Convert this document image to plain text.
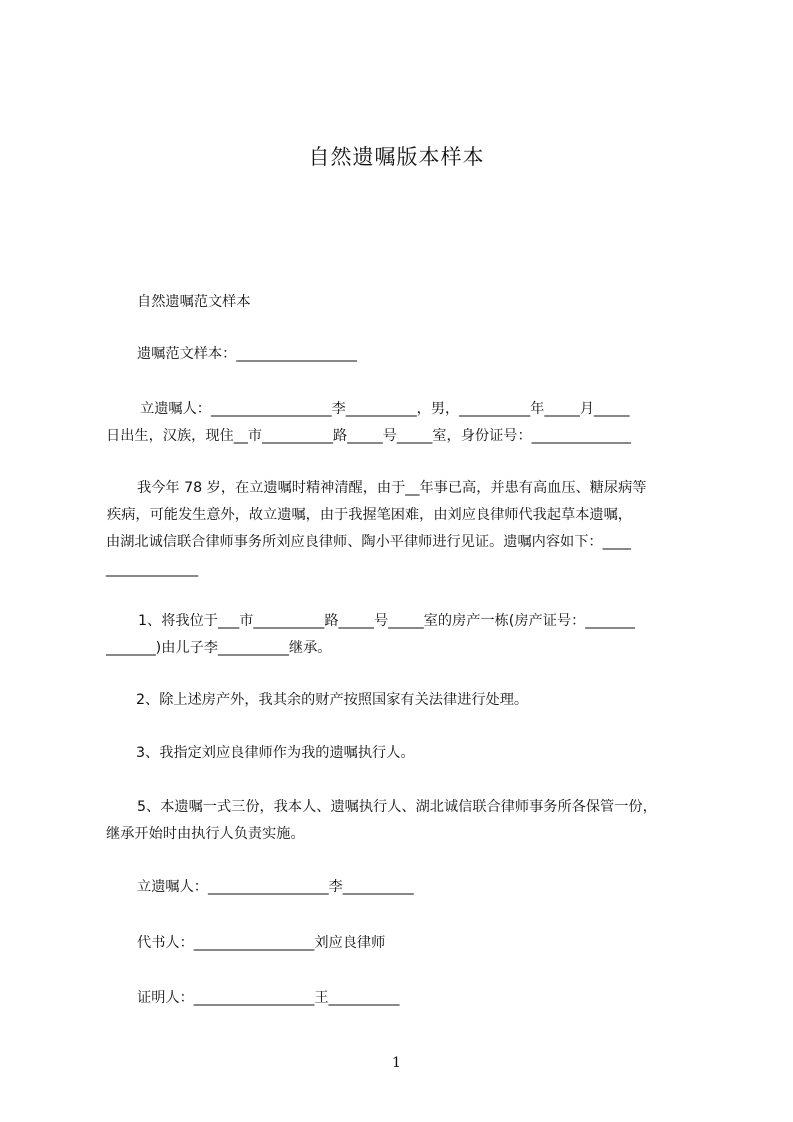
自然遗嘱版本样本
自然遗嘱范文样本
遗嘱范文样本：_________________
立遗嘱人：_________________李__________，男，__________年_____月_____
日出生，汉族，现住__市__________路_____号_____室，身份证号：______________
我今年 78 岁，在立遗嘱时精神清醒，由于__年事已高，并患有高血压、糖尿病等
疾病，可能发生意外，故立遗嘱，由于我握笔困难，由刘应良律师代我起草本遗嘱，
由湖北诚信联合律师事务所刘应良律师、陶小平律师进行见证。遗嘱内容如下：____
_____________
1、将我位于___市__________路_____号_____室的房产一栋(房产证号：_______
_______)由儿子李__________继承。
2、除上述房产外，我其余的财产按照国家有关法律进行处理。
3、我指定刘应良律师作为我的遗嘱执行人。
5、本遗嘱一式三份，我本人、遗嘱执行人、湖北诚信联合律师事务所各保管一份，
继承开始时由执行人负责实施。
立遗嘱人：_________________李__________
代书人：_________________刘应良律师
证明人：_________________王__________
1
